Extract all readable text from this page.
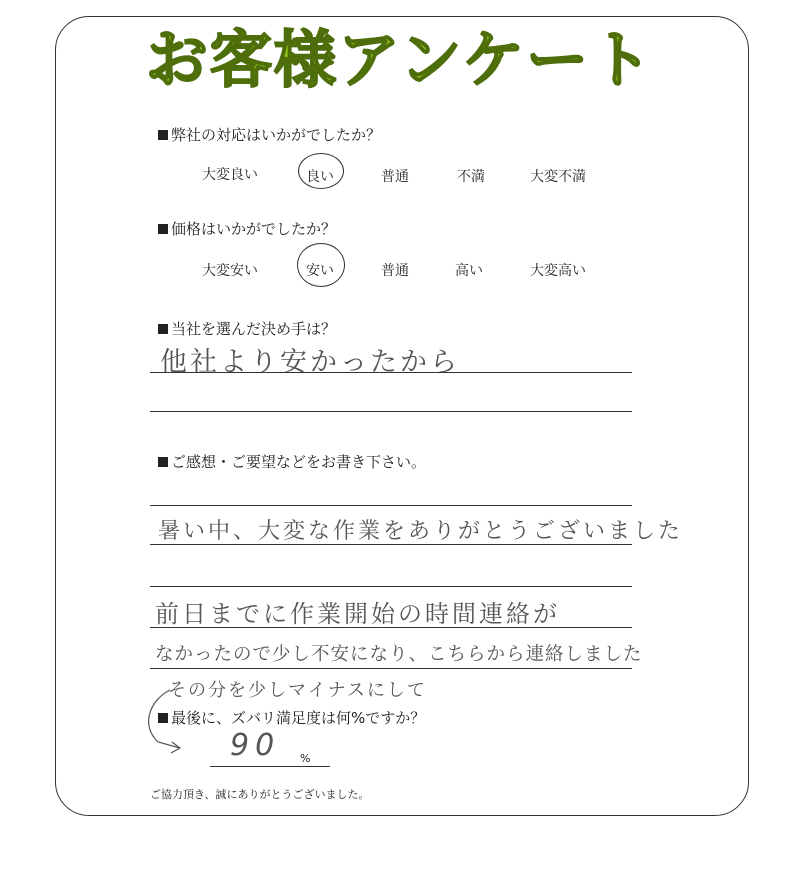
お客様アンケート
弊社の対応はいかがでしたか？
大変良い	良い	普通	不満	大変不満
価格はいかがでしたか？
大変安い	安い	普通	高い	大変高い
当社を選んだ決め手は？
他社より安かったから
ご感想・ご要望などをお書き下さい。
暑い中、大変な作業をありがとうございました
前日までに作業開始の時間連絡が
なかったので少し不安になり、こちらから連絡しました
その分を少しマイナスにして
最後に、ズバリ満足度は何%ですか？
90 %
ご協力頂き、誠にありがとうございました。
